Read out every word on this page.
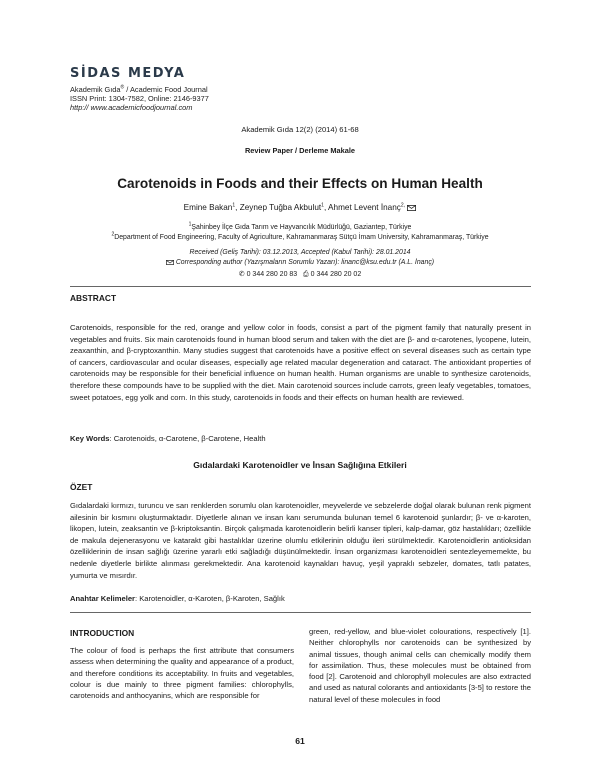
SİDAS MEDYA
Akademik Gıda® / Academic Food Journal
ISSN Print: 1304-7582, Online: 2146-9377
http:// www.academicfoodjournal.com
Akademik Gıda 12(2) (2014) 61-68
Review Paper / Derleme Makale
Carotenoids in Foods and their Effects on Human Health
Emine Bakan$^1$, Zeynep Tuğba Akbulut$^1$, Ahmet Levent İnanç$^{2,}$
$^1$Şahinbey İlçe Gıda Tarım ve Hayvancılık Müdürlüğü, Gaziantep, Türkiye
$^2$Department of Food Engineering, Faculty of Agriculture, Kahramanmaraş Sütçü İmam University, Kahramanmaraş, Türkiye
Received (Geliş Tarihi): 03.12.2013, Accepted (Kabul Tarihi): 28.01.2014
Corresponding author (Yazışmaların Sorumlu Yazarı): linanc@ksu.edu.tr (A.L. İnanç)
✆ 0 344 280 20 83 ⎙ 0 344 280 20 02
ABSTRACT
Carotenoids, responsible for the red, orange and yellow color in foods, consist a part of the pigment family that naturally present in vegetables and fruits. Six main carotenoids found in human blood serum and taken with the diet are β- and α-carotenes, lycopene, lutein, zeaxanthin, and β-cryptoxanthin. Many studies suggest that carotenoids have a positive effect on several diseases such as certain type of cancers, cardiovascular and ocular diseases, especially age related macular degeneration and cataract. The antioxidant properties of carotenoids may be responsible for their beneficial influence on human health. Human organisms are unable to synthesize carotenoids, therefore these compounds have to be supplied with the diet. Main carotenoid sources include carrots, green leafy vegetables, tomatoes, sweet potatoes, egg yolk and corn. In this study, carotenoids in foods and their effects on human health are reviewed.
Key Words: Carotenoids, α-Carotene, β-Carotene, Health
Gıdalardaki Karotenoidler ve İnsan Sağlığına Etkileri
ÖZET
Gıdalardaki kırmızı, turuncu ve sarı renklerden sorumlu olan karotenoidler, meyvelerde ve sebzelerde doğal olarak bulunan renk pigment ailesinin bir kısmını oluşturmaktadır. Diyetlerle alınan ve insan kanı serumunda bulunan temel 6 karotenoid şunlardır; β- ve α-karoten, likopen, lutein, zeaksantin ve β-kriptoksantin. Birçok çalışmada karotenoidlerin belirli kanser tipleri, kalp-damar, göz hastalıkları; özellikle de makula dejenerasyonu ve katarakt gibi hastalıklar üzerine olumlu etkilerinin olduğu ileri sürülmektedir. Karotenoidlerin antioksidan özelliklerinin de insan sağlığı üzerine yararlı etki sağladığı düşünülmektedir. İnsan organizması karotenoidleri sentezleyememekte, bu nedenle diyetlerle birlikte alınması gerekmektedir. Ana karotenoid kaynakları havuç, yeşil yapraklı sebzeler, domates, tatlı patates, yumurta ve mısırdır.
Anahtar Kelimeler: Karotenoidler, α-Karoten, β-Karoten, Sağlık
INTRODUCTION
The colour of food is perhaps the first attribute that consumers assess when determining the quality and appearance of a product, and therefore conditions its acceptability. In fruits and vegetables, colour is due mainly to three pigment families: chlorophylls, carotenoids and anthocyanins, which are responsible for
green, red-yellow, and blue-violet colourations, respectively [1]. Neither chlorophylls nor carotenoids can be synthesized by animal tissues, though animal cells can chemically modify them for assimilation. Thus, these molecules must be obtained from food [2]. Carotenoid and chlorophyll molecules are also extracted and used as natural colorants and antioxidants [3-5] to restore the natural level of these molecules in food
61
